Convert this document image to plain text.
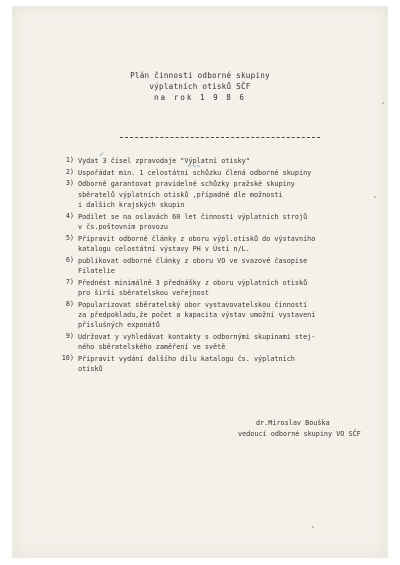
Plán činnosti odborné skupiny
výplatních otisků SČF
na rok 1 9 8 6
1) Vydat 3 čísel zpravodaje "Výplatní otisky"
2) Uspořádat min. 1 celostátní schůzku člená odborné skupiny
3) Odborně garantovat pravidelné schůzky pražské skupiny
sběratelů výplatních otisků ,případně dle možnosti
i dalších krajských skupin
4) Podílet se na oslavách 60 let činnosti výplatních strojů
v čs.poštovním provozu
5) Připravit odborné články z oboru výpl.otisků do výstavního
katalogu celostátní výstavy PH v Ústí n/L.
6) publikovat odborné články z oboru VO ve svazové časopise
Filatelie
7) Přednést minimálně 3 přednášky z oboru výplatních otisků
pro širší sběratelskou veřejnost
8) Popularizovat sběratelský obor vystavovatelskou činností
za předpokladu,že počet a kapacita výstav umožní vystavení
příslušných exponátů
9) Udržovat y vyhledávat kontakty s odbornými skupinami stej-
ného sběratelského zaměření ve světě
10) Připravit vydání dalšího dílu katalogu čs. výplatních
otisků
✓
~~~
dr.Miroslav Bouška
vedoucí odborné skupiny VO SČF
